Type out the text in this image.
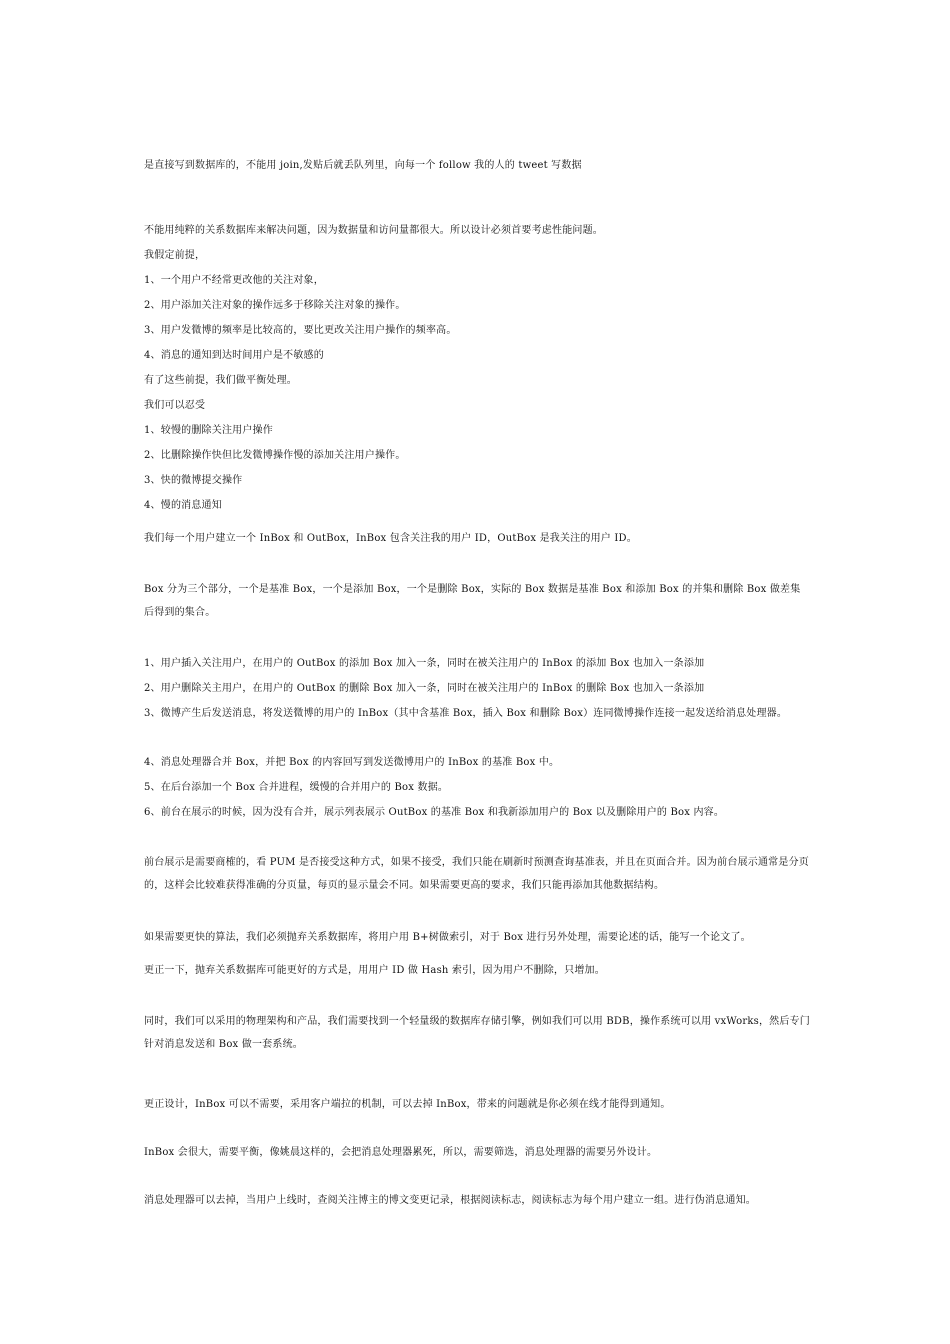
是直接写到数据库的，不能用 join,发贴后就丢队列里，向每一个 follow 我的人的 tweet 写数据
不能用纯粹的关系数据库来解决问题，因为数据量和访问量都很大。所以设计必须首要考虑性能问题。
我假定前提，
1、一个用户不经常更改他的关注对象，
2、用户添加关注对象的操作远多于移除关注对象的操作。
3、用户发微博的频率是比较高的，要比更改关注用户操作的频率高。
4、消息的通知到达时间用户是不敏感的
有了这些前提，我们做平衡处理。
我们可以忍受
1、较慢的删除关注用户操作
2、比删除操作快但比发微博操作慢的添加关注用户操作。
3、快的微博提交操作
4、慢的消息通知
我们每一个用户建立一个 InBox 和 OutBox，InBox 包含关注我的用户 ID，OutBox 是我关注的用户 ID。
Box 分为三个部分，一个是基准 Box，一个是添加 Box，一个是删除 Box，实际的 Box 数据是基准 Box 和添加 Box 的并集和删除 Box 做差集后得到的集合。
1、用户插入关注用户，在用户的 OutBox 的添加 Box 加入一条，同时在被关注用户的 InBox 的添加 Box 也加入一条添加
2、用户删除关主用户，在用户的 OutBox 的删除 Box 加入一条，同时在被关注用户的 InBox 的删除 Box 也加入一条添加
3、微博产生后发送消息，将发送微博的用户的 InBox（其中含基准 Box，插入 Box 和删除 Box）连同微博操作连接一起发送给消息处理器。
4、消息处理器合并 Box，并把 Box 的内容回写到发送微博用户的 InBox 的基准 Box 中。
5、在后台添加一个 Box 合并进程，缓慢的合并用户的 Box 数据。
6、前台在展示的时候，因为没有合并，展示列表展示 OutBox 的基准 Box 和我新添加用户的 Box 以及删除用户的 Box 内容。
前台展示是需要商榷的，看 PUM 是否接受这种方式，如果不接受，我们只能在刷新时预测查询基准表，并且在页面合并。因为前台展示通常是分页的，这样会比较难获得准确的分页量，每页的显示量会不同。如果需要更高的要求，我们只能再添加其他数据结构。
如果需要更快的算法，我们必须抛弃关系数据库，将用户用 B+树做索引，对于 Box 进行另外处理，需要论述的话，能写一个论文了。
更正一下，抛弃关系数据库可能更好的方式是，用用户 ID 做 Hash 索引，因为用户不删除，只增加。
同时，我们可以采用的物理架构和产品，我们需要找到一个轻量级的数据库存储引擎，例如我们可以用 BDB，操作系统可以用 vxWorks，然后专门针对消息发送和 Box 做一套系统。
更正设计，InBox 可以不需要，采用客户端拉的机制，可以去掉 InBox，带来的问题就是你必须在线才能得到通知。
InBox 会很大，需要平衡，像姚晨这样的，会把消息处理器累死，所以，需要筛选，消息处理器的需要另外设计。
消息处理器可以去掉，当用户上线时，查阅关注博主的博文变更记录，根据阅读标志，阅读标志为每个用户建立一组。进行伪消息通知。
